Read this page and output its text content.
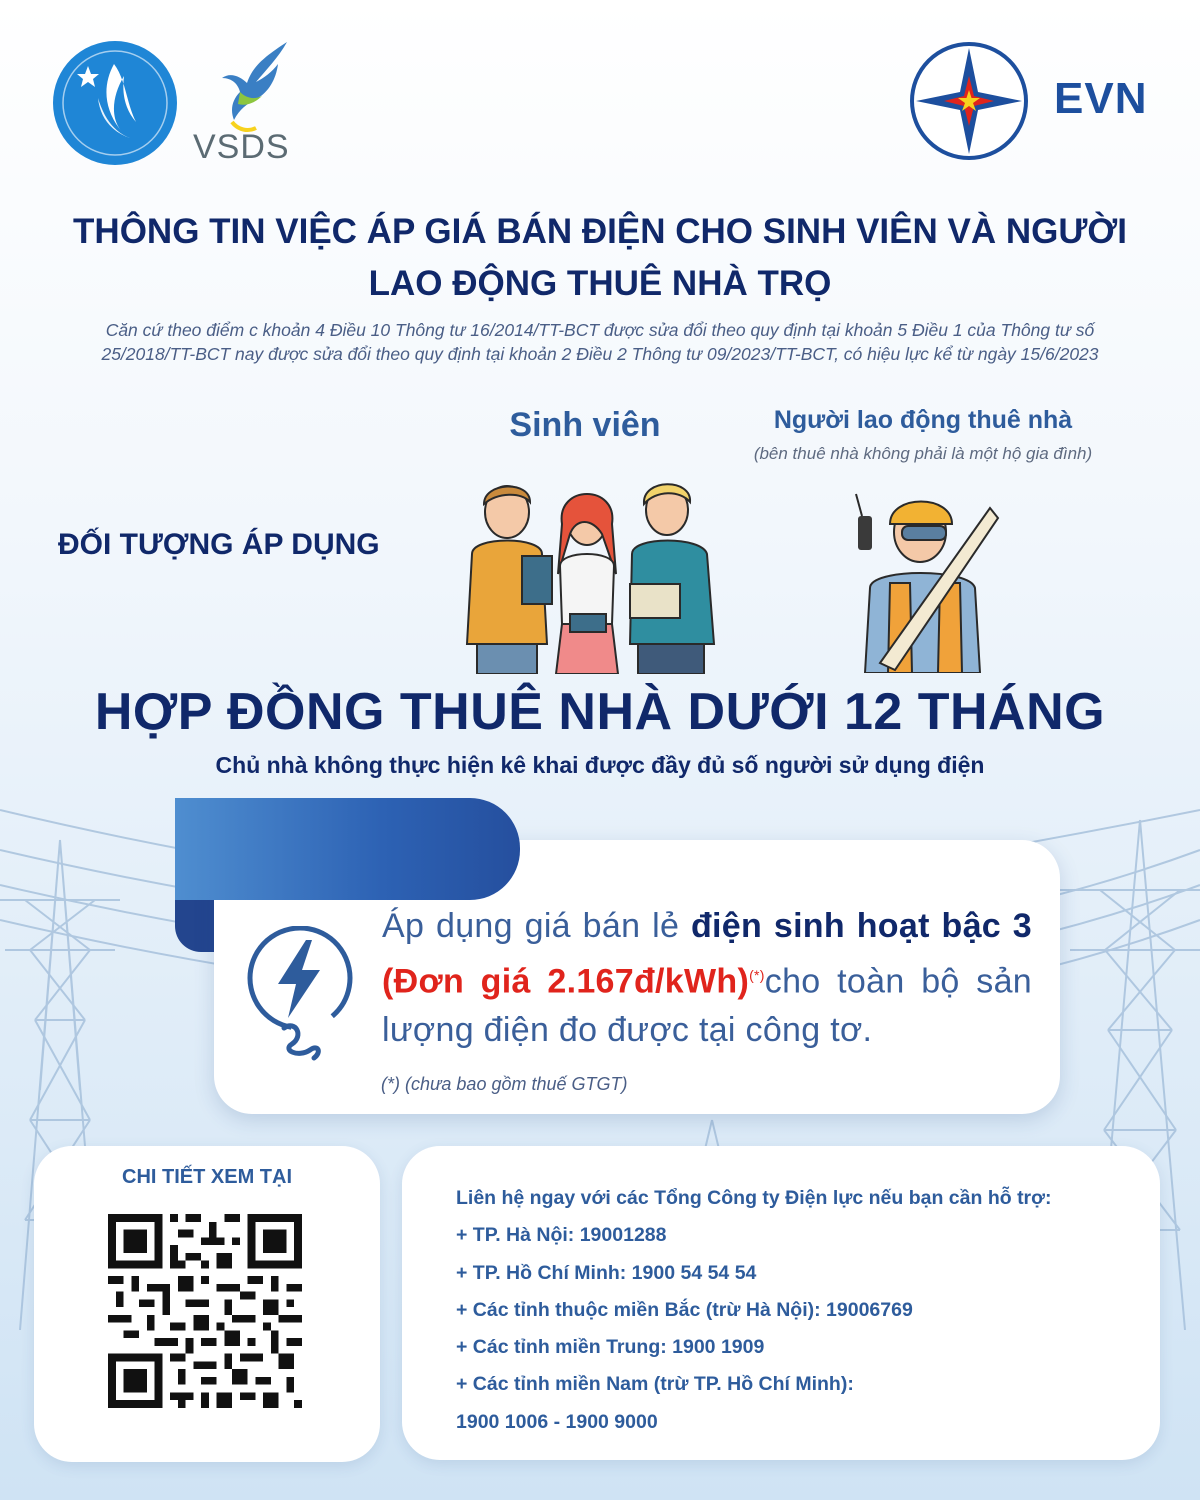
VSDS
EVN
THÔNG TIN VIỆC ÁP GIÁ BÁN ĐIỆN CHO SINH VIÊN VÀ NGƯỜI
LAO ĐỘNG THUÊ NHÀ TRỌ
Căn cứ theo điểm c khoản 4 Điều 10 Thông tư 16/2014/TT-BCT được sửa đổi theo quy định tại khoản 5 Điều 1 của Thông tư số
25/2018/TT-BCT nay được sửa đổi theo quy định tại khoản 2 Điều 2 Thông tư 09/2023/TT-BCT, có hiệu lực kể từ ngày 15/6/2023
ĐỐI TƯỢNG ÁP DỤNG
Sinh viên	Người lao động thuê nhà
(bên thuê nhà không phải là một hộ gia đình)
HỢP ĐỒNG THUÊ NHÀ DƯỚI 12 THÁNG
Chủ nhà không thực hiện kê khai được đầy đủ số người sử dụng điện
Áp dụng giá bán lẻ điện sinh hoạt bậc 3 (Đơn giá 2.167đ/kWh)(*)cho toàn bộ sản lượng điện đo được tại công tơ.
(*) (chưa bao gồm thuế GTGT)
CHI TIẾT XEM TẠI
Liên hệ ngay với các Tổng Công ty Điện lực nếu bạn cần hỗ trợ:
+ TP. Hà Nội: 19001288
+ TP. Hồ Chí Minh: 1900 54 54 54
+ Các tỉnh thuộc miền Bắc (trừ Hà Nội): 19006769
+ Các tỉnh miền Trung: 1900 1909
+ Các tỉnh miền Nam (trừ TP. Hồ Chí Minh):
1900 1006 - 1900 9000
